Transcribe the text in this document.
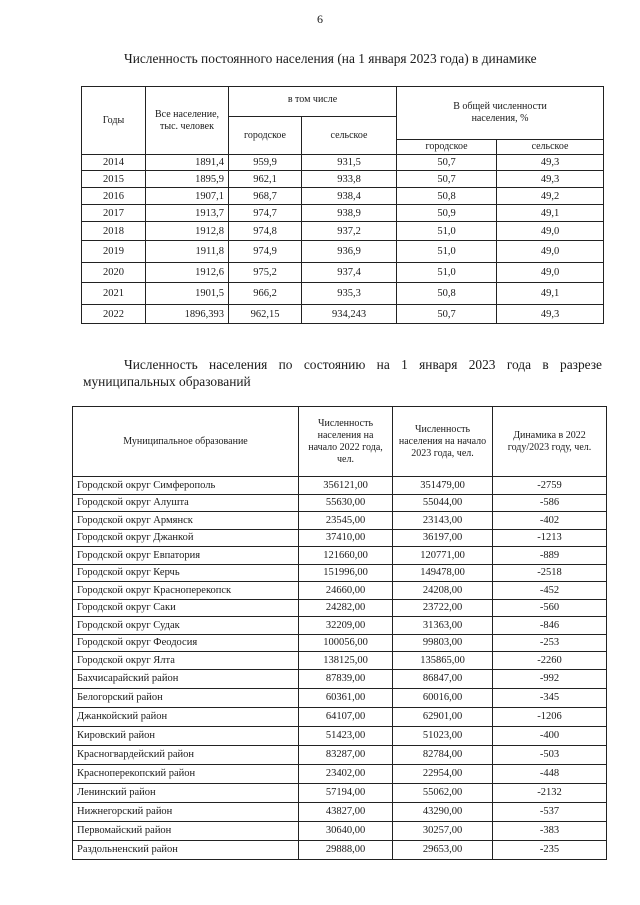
6
Численность постоянного населения (на 1 января 2023 года) в динамике
Годы	Все население, тыс. человек	в том числе		В общей численности населения, %	
		городское	сельское		
				городское	сельское
2014	1891,4	959,9	931,5	50,7	49,3
2015	1895,9	962,1	933,8	50,7	49,3
2016	1907,1	968,7	938,4	50,8	49,2
2017	1913,7	974,7	938,9	50,9	49,1
2018	1912,8	974,8	937,2	51,0	49,0
2019	1911,8	974,9	936,9	51,0	49,0
2020	1912,6	975,2	937,4	51,0	49,0
2021	1901,5	966,2	935,3	50,8	49,1
2022	1896,393	962,15	934,243	50,7	49,3
Численность населения по состоянию на 1 января 2023 года в разрезе
муниципальных образований
Муниципальное образование	Численность населения на начало 2022 года, чел.	Численность населения на начало 2023 года, чел.	Динамика в 2022 году/2023 году, чел.
Городской округ Симферополь	356121,00	351479,00	-2759
Городской округ Алушта	55630,00	55044,00	-586
Городской округ Армянск	23545,00	23143,00	-402
Городской округ Джанкой	37410,00	36197,00	-1213
Городской округ Евпатория	121660,00	120771,00	-889
Городской округ Керчь	151996,00	149478,00	-2518
Городской округ Красноперекопск	24660,00	24208,00	-452
Городской округ Саки	24282,00	23722,00	-560
Городской округ Судак	32209,00	31363,00	-846
Городской округ Феодосия	100056,00	99803,00	-253
Городской округ Ялта	138125,00	135865,00	-2260
Бахчисарайский район	87839,00	86847,00	-992
Белогорский район	60361,00	60016,00	-345
Джанкойский район	64107,00	62901,00	-1206
Кировский район	51423,00	51023,00	-400
Красногвардейский район	83287,00	82784,00	-503
Красноперекопский район	23402,00	22954,00	-448
Ленинский район	57194,00	55062,00	-2132
Нижнегорский район	43827,00	43290,00	-537
Первомайский район	30640,00	30257,00	-383
Раздольненский район	29888,00	29653,00	-235
